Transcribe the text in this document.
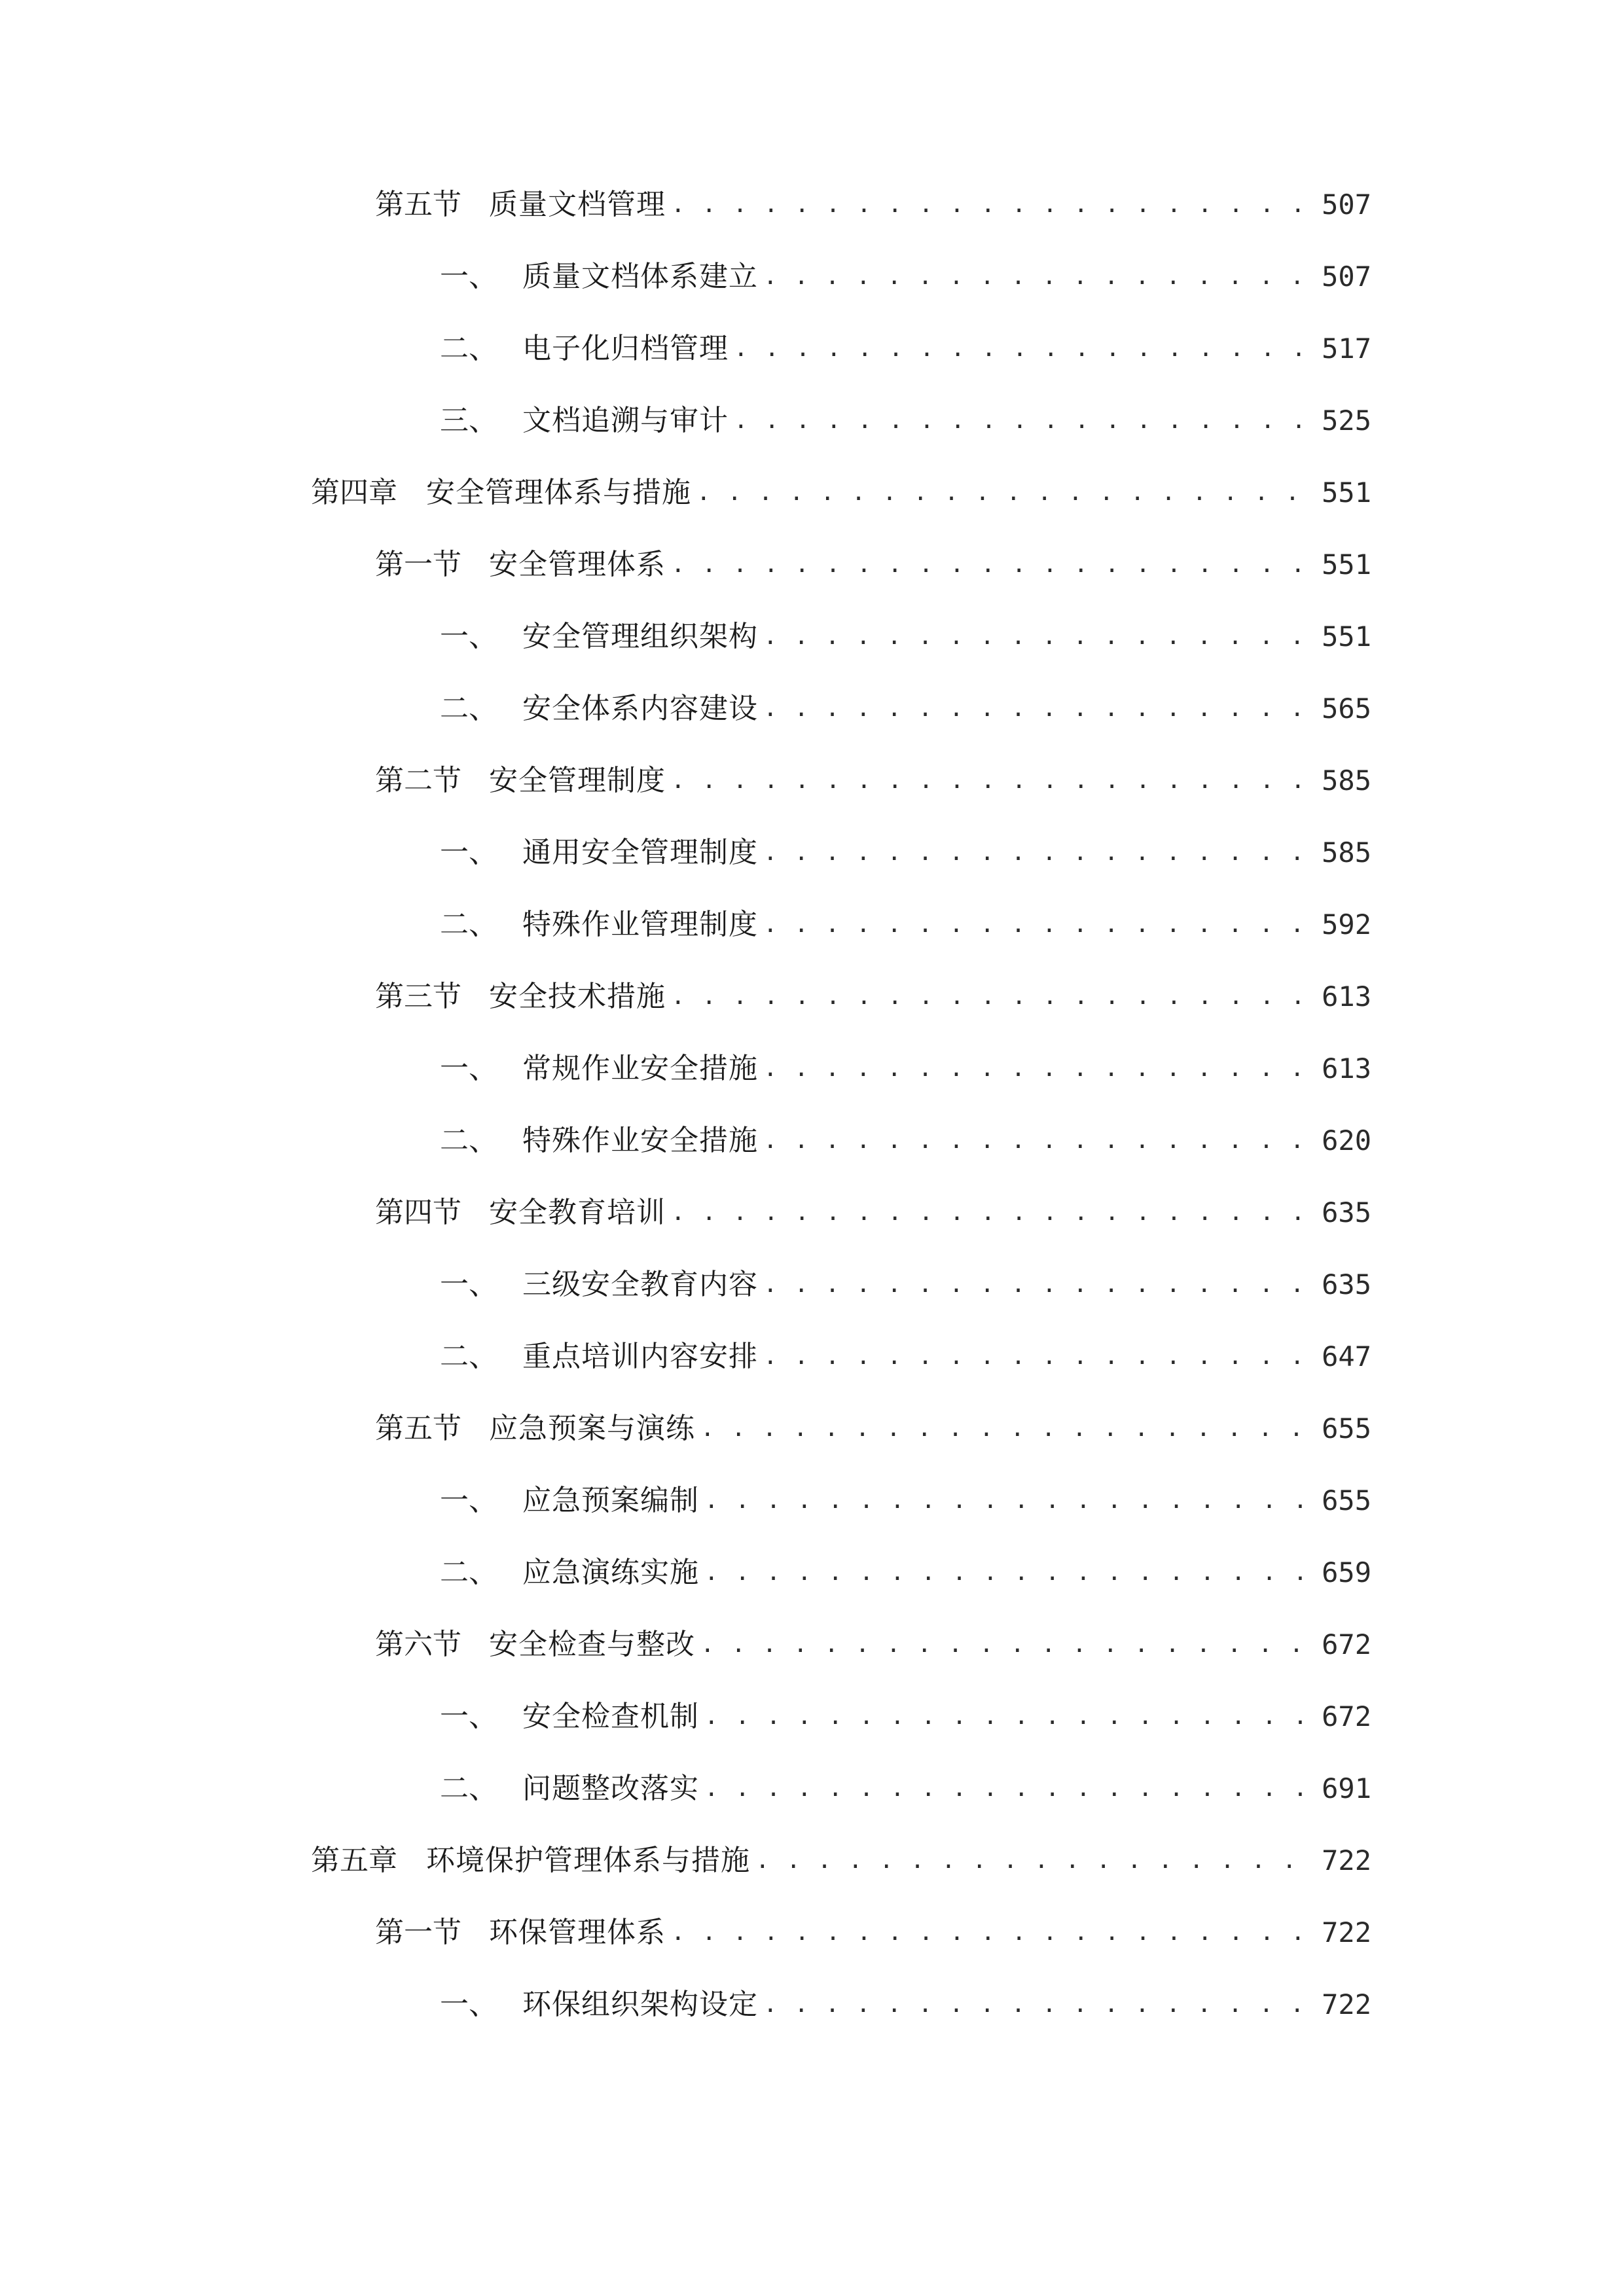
第五节 质量文档管理 . . .	507
一、 质量文档体系建立 . . .	507
二、 电子化归档管理 . . .	517
三、 文档追溯与审计 . . .	525
第四章	安全管理体系与措施 . . .	551
第一节 安全管理体系 . . .	551
一、 安全管理组织架构 . . .	551
二、 安全体系内容建设 . . .	565
第二节 安全管理制度 . . .	585
一、 通用安全管理制度 . . .	585
二、 特殊作业管理制度 . . .	592
第三节 安全技术措施 . . .	613
一、 常规作业安全措施 . . .	613
二、 特殊作业安全措施 . . .	620
第四节 安全教育培训 . . .	635
一、 三级安全教育内容 . . .	635
二、 重点培训内容安排 . . .	647
第五节 应急预案与演练 . . .	655
一、 应急预案编制 . . .	655
二、 应急演练实施 . . .	659
第六节 安全检查与整改 . . .	672
一、 安全检查机制 . . .	672
二、 问题整改落实 . . .	691
第五章	环境保护管理体系与措施 . . .	722
第一节 环保管理体系 . . .	722
一、 环保组织架构设定 . . .	722
